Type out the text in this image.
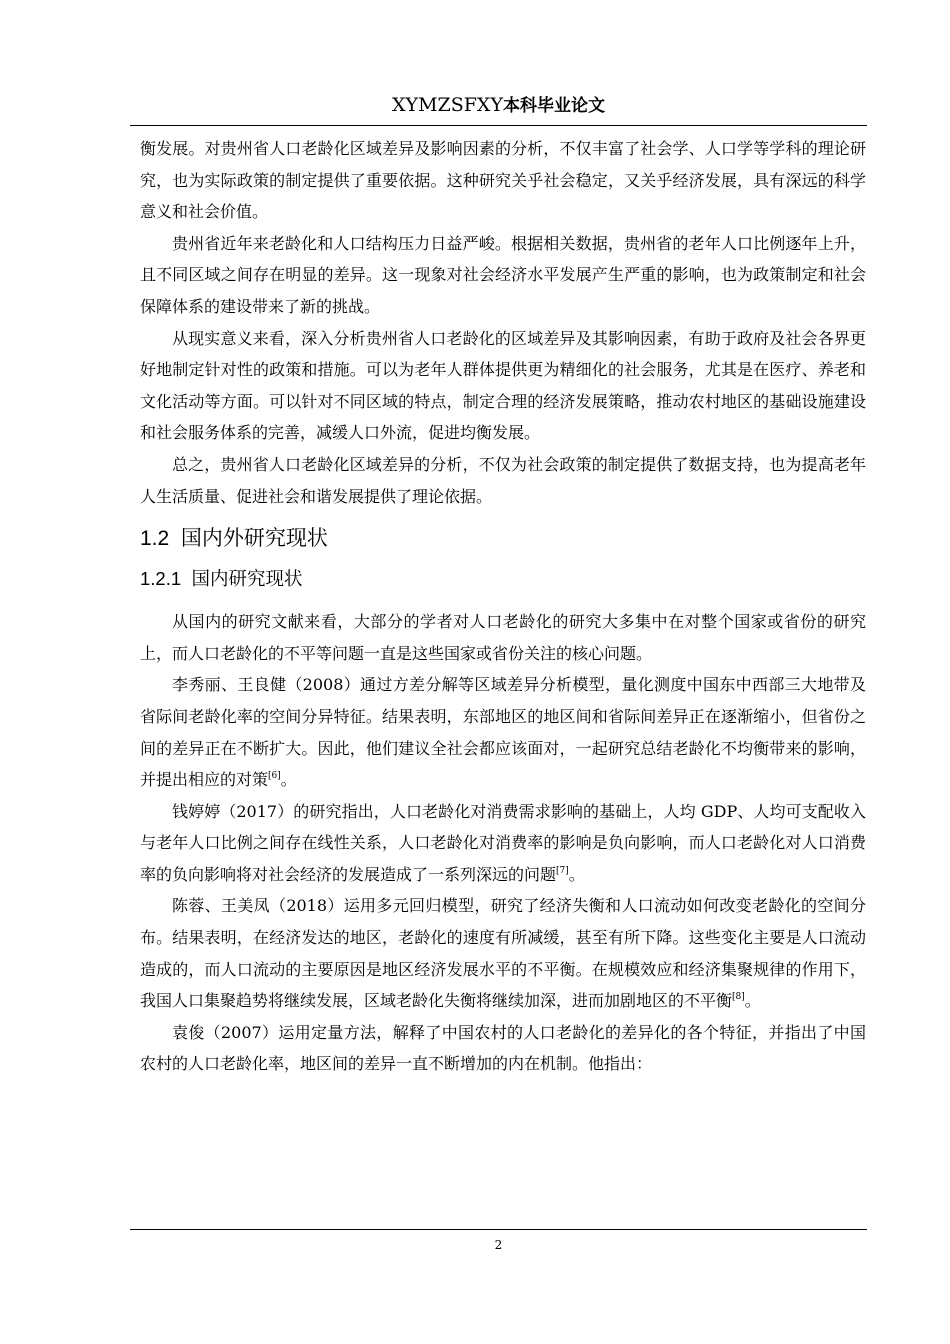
XYMZSFXY本科毕业论文

衡发展。对贵州省人口老龄化区域差异及影响因素的分析，不仅丰富了社会学、人口学等学科的理论研究，也为实际政策的制定提供了重要依据。这种研究关乎社会稳定，又关乎经济发展，具有深远的科学意义和社会价值。

贵州省近年来老龄化和人口结构压力日益严峻。根据相关数据，贵州省的老年人口比例逐年上升，且不同区域之间存在明显的差异。这一现象对社会经济水平发展产生严重的影响，也为政策制定和社会保障体系的建设带来了新的挑战。

从现实意义来看，深入分析贵州省人口老龄化的区域差异及其影响因素，有助于政府及社会各界更好地制定针对性的政策和措施。可以为老年人群体提供更为精细化的社会服务，尤其是在医疗、养老和文化活动等方面。可以针对不同区域的特点，制定合理的经济发展策略，推动农村地区的基础设施建设和社会服务体系的完善，减缓人口外流，促进均衡发展。

总之，贵州省人口老龄化区域差异的分析，不仅为社会政策的制定提供了数据支持，也为提高老年人生活质量、促进社会和谐发展提供了理论依据。

1.2 国内外研究现状
1.2.1 国内研究现状

从国内的研究文献来看，大部分的学者对人口老龄化的研究大多集中在对整个国家或省份的研究上，而人口老龄化的不平等问题一直是这些国家或省份关注的核心问题。

李秀丽、王良健（2008）通过方差分解等区域差异分析模型，量化测度中国东中西部三大地带及省际间老龄化率的空间分异特征。结果表明，东部地区的地区间和省际间差异正在逐渐缩小，但省份之间的差异正在不断扩大。因此，他们建议全社会都应该面对，一起研究总结老龄化不均衡带来的影响，并提出相应的对策[6]。

钱婷婷（2017）的研究指出，人口老龄化对消费需求影响的基础上，人均 GDP、人均可支配收入与老年人口比例之间存在线性关系，人口老龄化对消费率的影响是负向影响，而人口老龄化对人口消费率的负向影响将对社会经济的发展造成了一系列深远的问题[7]。

陈蓉、王美凤（2018）运用多元回归模型，研究了经济失衡和人口流动如何改变老龄化的空间分布。结果表明，在经济发达的地区，老龄化的速度有所减缓，甚至有所下降。这些变化主要是人口流动造成的，而人口流动的主要原因是地区经济发展水平的不平衡。在规模效应和经济集聚规律的作用下，我国人口集聚趋势将继续发展，区域老龄化失衡将继续加深，进而加剧地区的不平衡[8]。

袁俊（2007）运用定量方法，解释了中国农村的人口老龄化的差异化的各个特征，并指出了中国农村的人口老龄化率，地区间的差异一直不断增加的内在机制。他指出：

2
